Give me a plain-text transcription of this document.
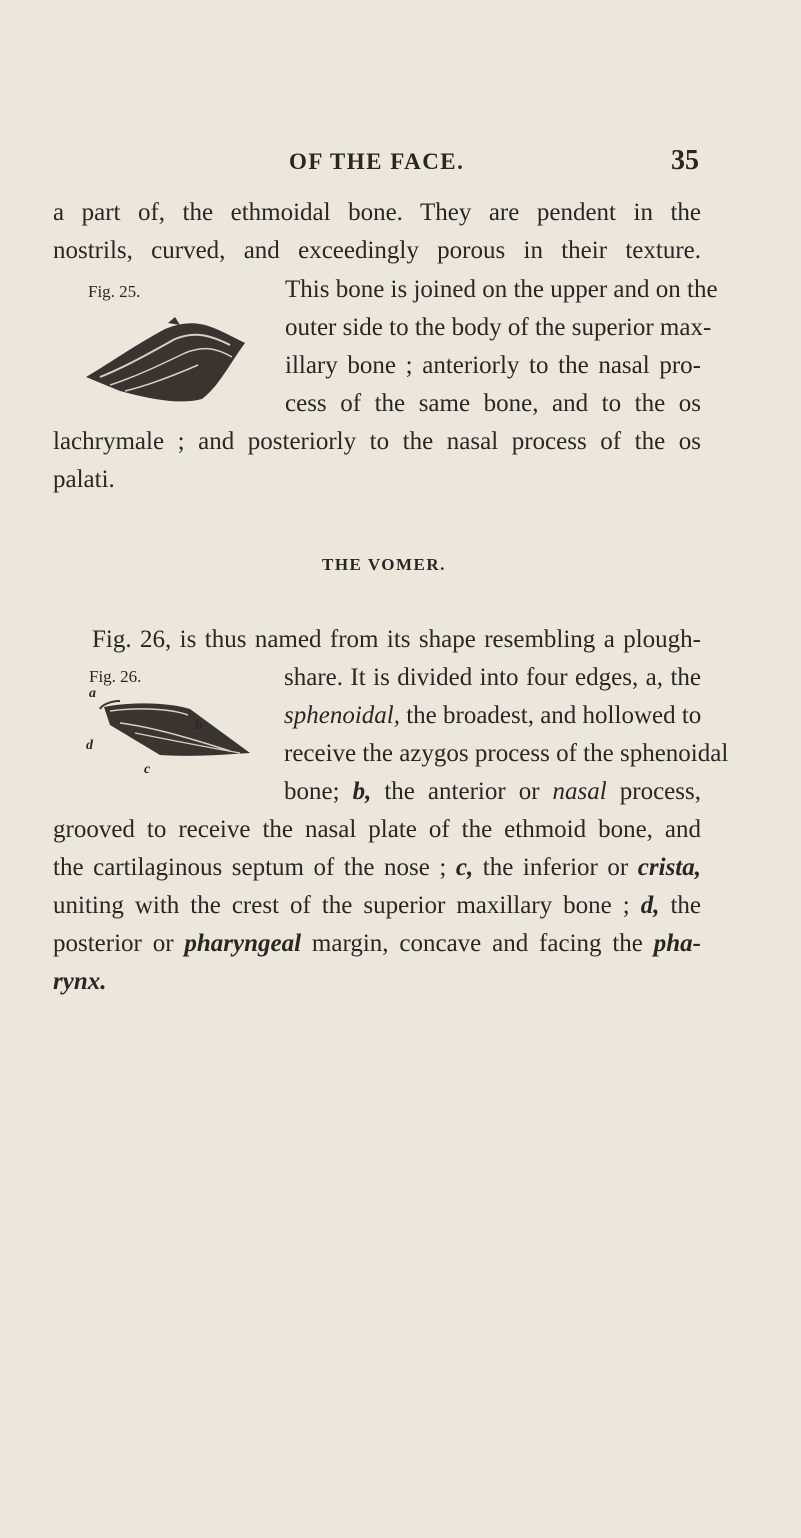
OF THE FACE.	35
a part of, the ethmoidal bone. They are pendent in the
nostrils, curved, and exceedingly porous in their texture.
Fig. 25.	This bone is joined on the upper and on the
outer side to the body of the superior max-
illary bone ; anteriorly to the nasal pro-
cess of the same bone, and to the os
lachrymale ; and posteriorly to the nasal process of the os
palati.
THE VOMER.
Fig. 26, is thus named from its shape resembling a plough-
Fig. 26.
a
b
c
d
share. It is divided into four edges, a, the
sphenoidal, the broadest, and hollowed to
receive the azygos process of the sphenoidal
bone; b, the anterior or nasal process,
grooved to receive the nasal plate of the ethmoid bone, and
the cartilaginous septum of the nose ; c, the inferior or crista,
uniting with the crest of the superior maxillary bone ; d, the
posterior or pharyngeal margin, concave and facing the pha-
rynx.
